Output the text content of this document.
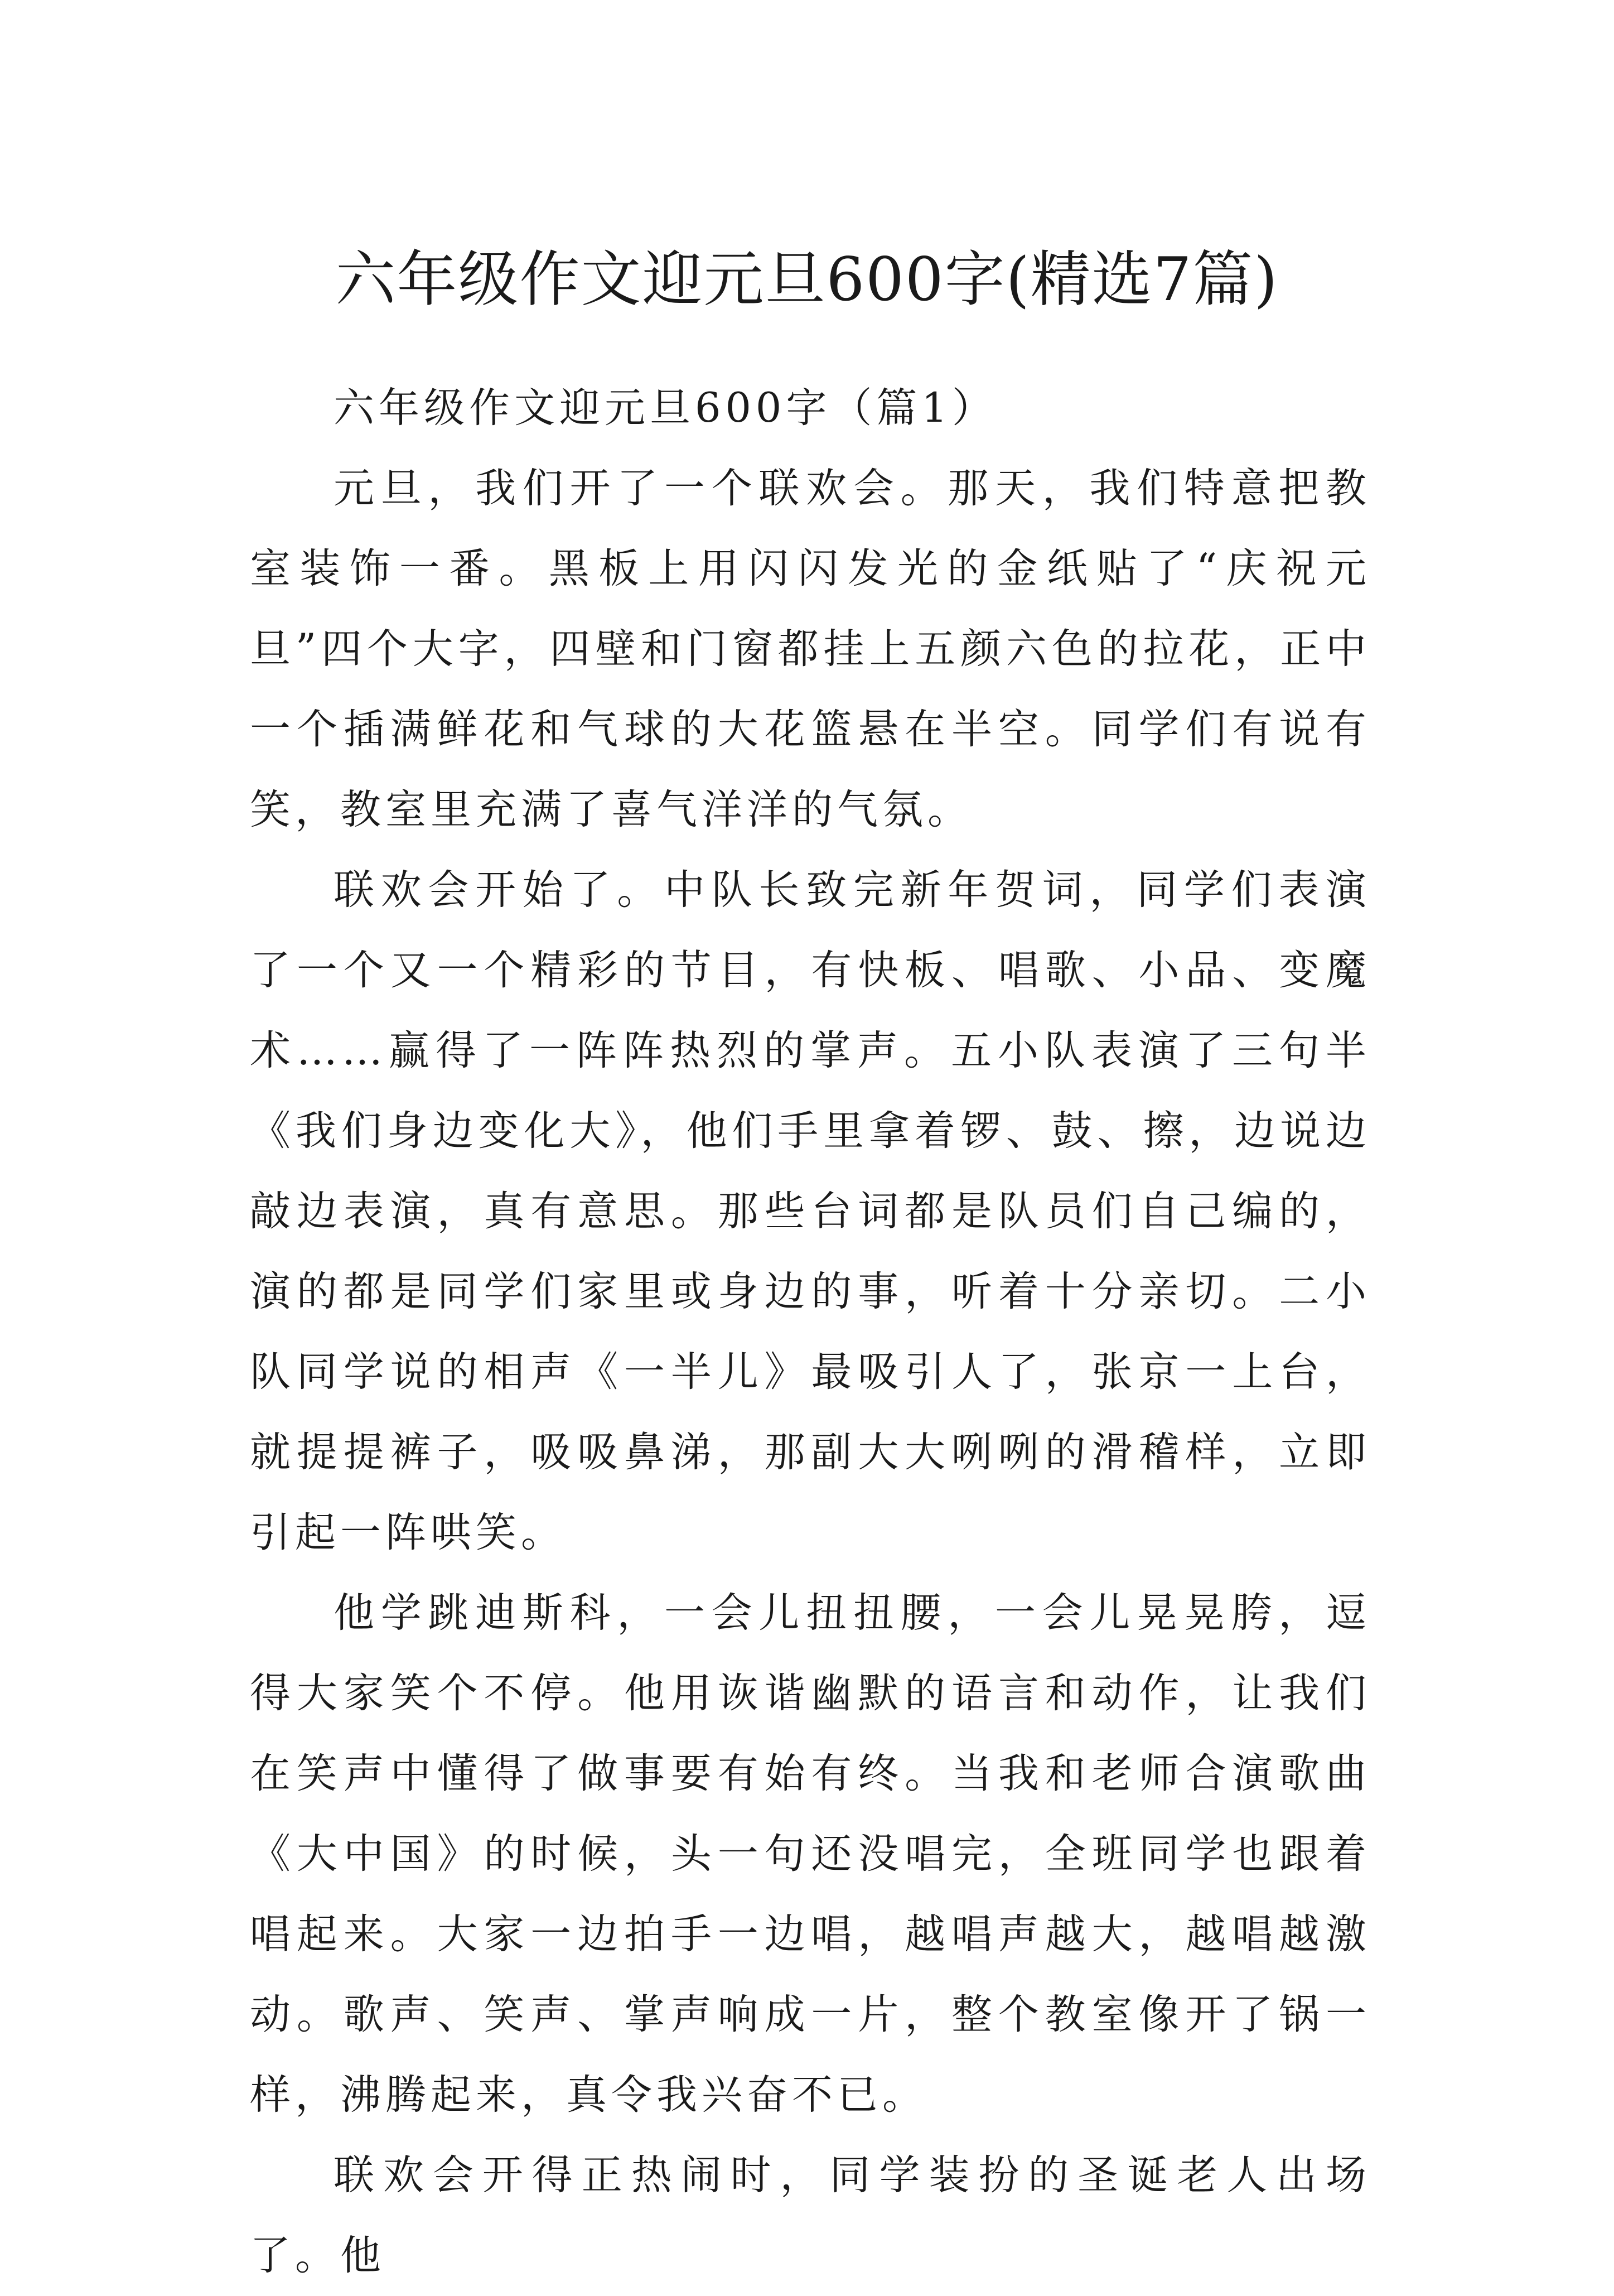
六年级作文迎元旦600字(精选7篇)

六年级作文迎元旦600字（篇1）

元旦，我们开了一个联欢会。那天，我们特意把教室装饰一番。黑板上用闪闪发光的金纸贴了“庆祝元旦”四个大字，四壁和门窗都挂上五颜六色的拉花，正中一个插满鲜花和气球的大花篮悬在半空。同学们有说有笑，教室里充满了喜气洋洋的气氛。

联欢会开始了。中队长致完新年贺词，同学们表演了一个又一个精彩的节目，有快板、唱歌、小品、变魔术……赢得了一阵阵热烈的掌声。五小队表演了三句半《我们身边变化大》，他们手里拿着锣、鼓、擦，边说边敲边表演，真有意思。那些台词都是队员们自己编的，演的都是同学们家里或身边的事，听着十分亲切。二小队同学说的相声《一半儿》最吸引人了，张京一上台，就提提裤子，吸吸鼻涕，那副大大咧咧的滑稽样，立即引起一阵哄笑。

他学跳迪斯科，一会儿扭扭腰，一会儿晃晃胯，逗得大家笑个不停。他用诙谐幽默的语言和动作，让我们在笑声中懂得了做事要有始有终。当我和老师合演歌曲《大中国》的时候，头一句还没唱完，全班同学也跟着唱起来。大家一边拍手一边唱，越唱声越大，越唱越激动。歌声、笑声、掌声响成一片，整个教室像开了锅一样，沸腾起来，真令我兴奋不已。

联欢会开得正热闹时，同学装扮的圣诞老人出场了。他
